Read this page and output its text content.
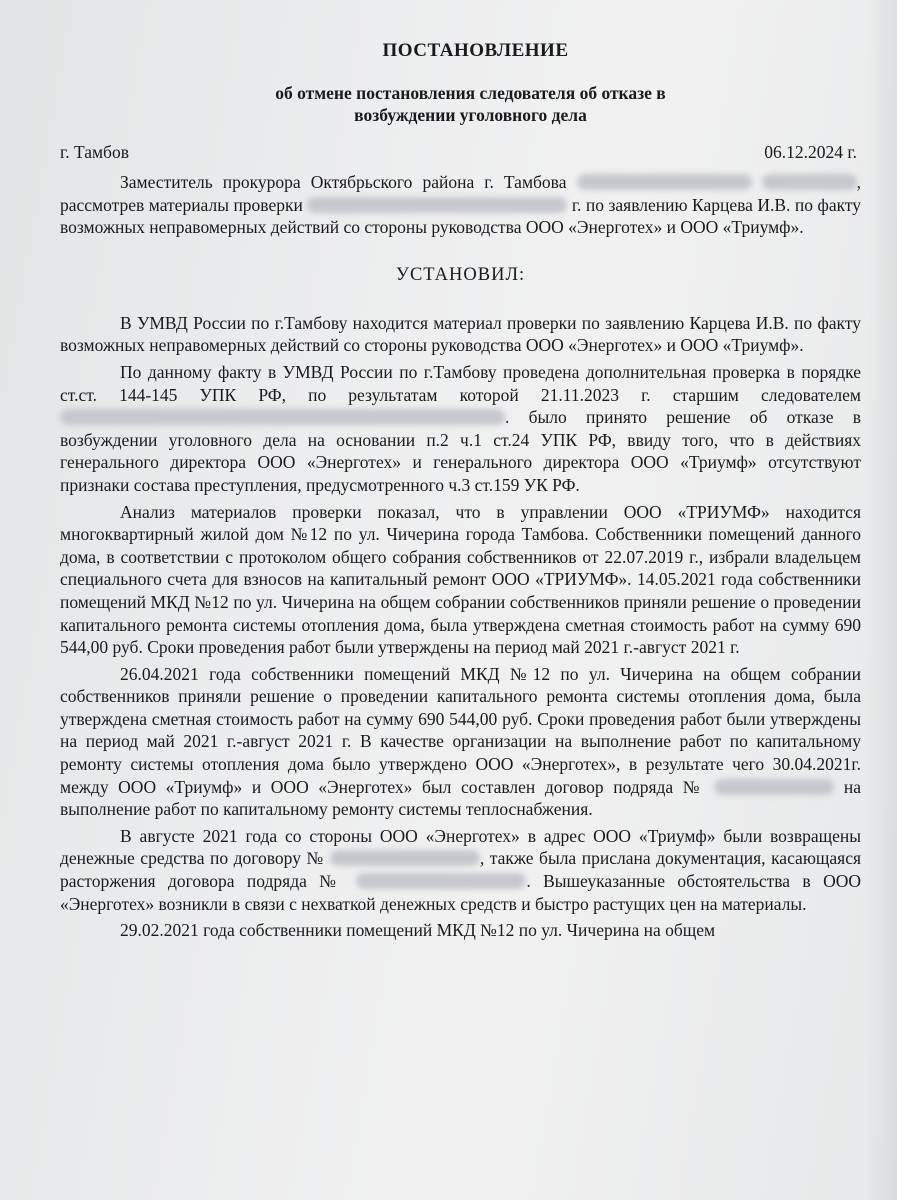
ПОСТАНОВЛЕНИЕ
об отмене постановления следователя об отказе в
возбуждении уголовного дела
г. Тамбов	06.12.2024 г.

Заместитель прокурора Октябрьского района г. Тамбова	, рассмотрев материалы проверки	г. по заявлению Карцева И.В. по факту возможных неправомерных действий со стороны руководства ООО «Энерготех» и ООО «Триумф».

УСТАНОВИЛ:

В УМВД России по г.Тамбову находится материал проверки по заявлению Карцева И.В. по факту возможных неправомерных действий со стороны руководства ООО «Энерготех» и ООО «Триумф».

По данному факту в УМВД России по г.Тамбову проведена дополнительная проверка в порядке ст.ст. 144-145 УПК РФ, по результатам которой 21.11.2023 г. старшим следователем . было принято решение об отказе в возбуждении уголовного дела на основании п.2 ч.1 ст.24 УПК РФ, ввиду того, что в действиях генерального директора ООО «Энерготех» и генерального директора ООО «Триумф» отсутствуют признаки состава преступления, предусмотренного ч.3 ст.159 УК РФ.

Анализ материалов проверки показал, что в управлении ООО «ТРИУМФ» находится многоквартирный жилой дом №12 по ул. Чичерина города Тамбова. Собственники помещений данного дома, в соответствии с протоколом общего собрания собственников от 22.07.2019 г., избрали владельцем специального счета для взносов на капитальный ремонт ООО «ТРИУМФ». 14.05.2021 года собственники помещений МКД №12 по ул. Чичерина на общем собрании собственников приняли решение о проведении капитального ремонта системы отопления дома, была утверждена сметная стоимость работ на сумму 690 544,00 руб. Сроки проведения работ были утверждены на период май 2021 г.-август 2021 г.

26.04.2021 года собственники помещений МКД №12 по ул. Чичерина на общем собрании собственников приняли решение о проведении капитального ремонта системы отопления дома, была утверждена сметная стоимость работ на сумму 690 544,00 руб. Сроки проведения работ были утверждены на период май 2021 г.-август 2021 г. В качестве организации на выполнение работ по капитальному ремонту системы отопления дома было утверждено ООО «Энерготех», в результате чего 30.04.2021г. между ООО «Триумф» и ООО «Энерготех» был составлен договор подряда №	на выполнение работ по капитальному ремонту системы теплоснабжения.

В августе 2021 года со стороны ООО «Энерготех» в адрес ООО «Триумф» были возвращены денежные средства по договору №	, также была прислана документация, касающаяся расторжения договора подряда №	. Вышеуказанные обстоятельства в ООО «Энерготех» возникли в связи с нехваткой денежных средств и быстро растущих цен на материалы.

29.02.2021 года собственники помещений МКД №12 по ул. Чичерина на общем
